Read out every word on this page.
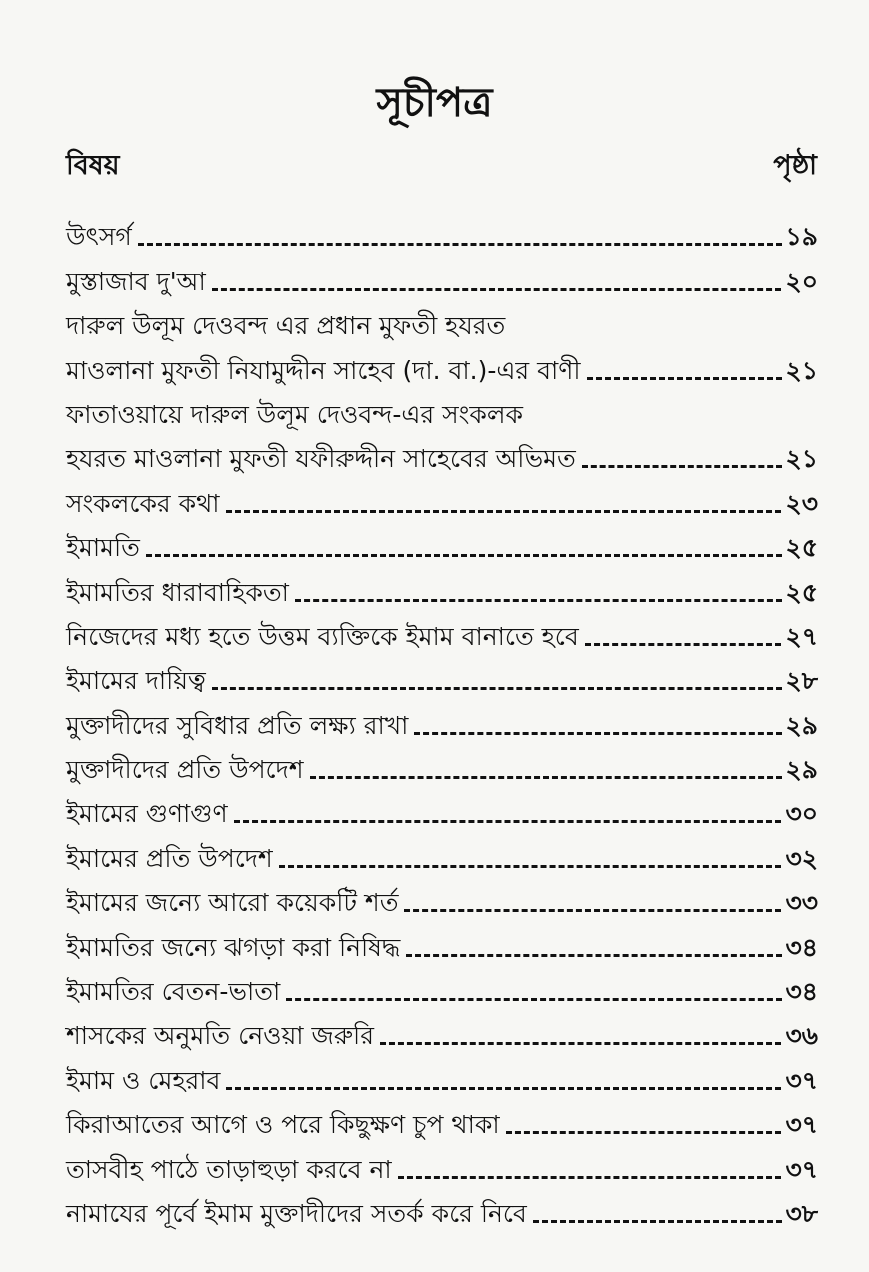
সূচীপত্র
বিষয়	পৃষ্ঠা
উৎসর্গ	১৯
মুস্তাজাব দু'আ	২০
দারুল উলূম দেওবন্দ এর প্রধান মুফতী হযরত
মাওলানা মুফতী নিযামুদ্দীন সাহেব (দা. বা.)-এর বাণী	২১
ফাতাওয়ায়ে দারুল উলূম দেওবন্দ-এর সংকলক
হযরত মাওলানা মুফতী যফীরুদ্দীন সাহেবের অভিমত	২১
সংকলকের কথা	২৩
ইমামতি	২৫
ইমামতির ধারাবাহিকতা	২৫
নিজেদের মধ্য হতে উত্তম ব্যক্তিকে ইমাম বানাতে হবে	২৭
ইমামের দায়িত্ব	২৮
মুক্তাদীদের সুবিধার প্রতি লক্ষ্য রাখা	২৯
মুক্তাদীদের প্রতি উপদেশ	২৯
ইমামের গুণাগুণ	৩০
ইমামের প্রতি উপদেশ	৩২
ইমামের জন্যে আরো কয়েকটি শর্ত	৩৩
ইমামতির জন্যে ঝগড়া করা নিষিদ্ধ	৩৪
ইমামতির বেতন-ভাতা	৩৪
শাসকের অনুমতি নেওয়া জরুরি	৩৬
ইমাম ও মেহরাব	৩৭
কিরাআতের আগে ও পরে কিছুক্ষণ চুপ থাকা	৩৭
তাসবীহ পাঠে তাড়াহুড়া করবে না	৩৭
নামাযের পূর্বে ইমাম মুক্তাদীদের সতর্ক করে নিবে	৩৮
